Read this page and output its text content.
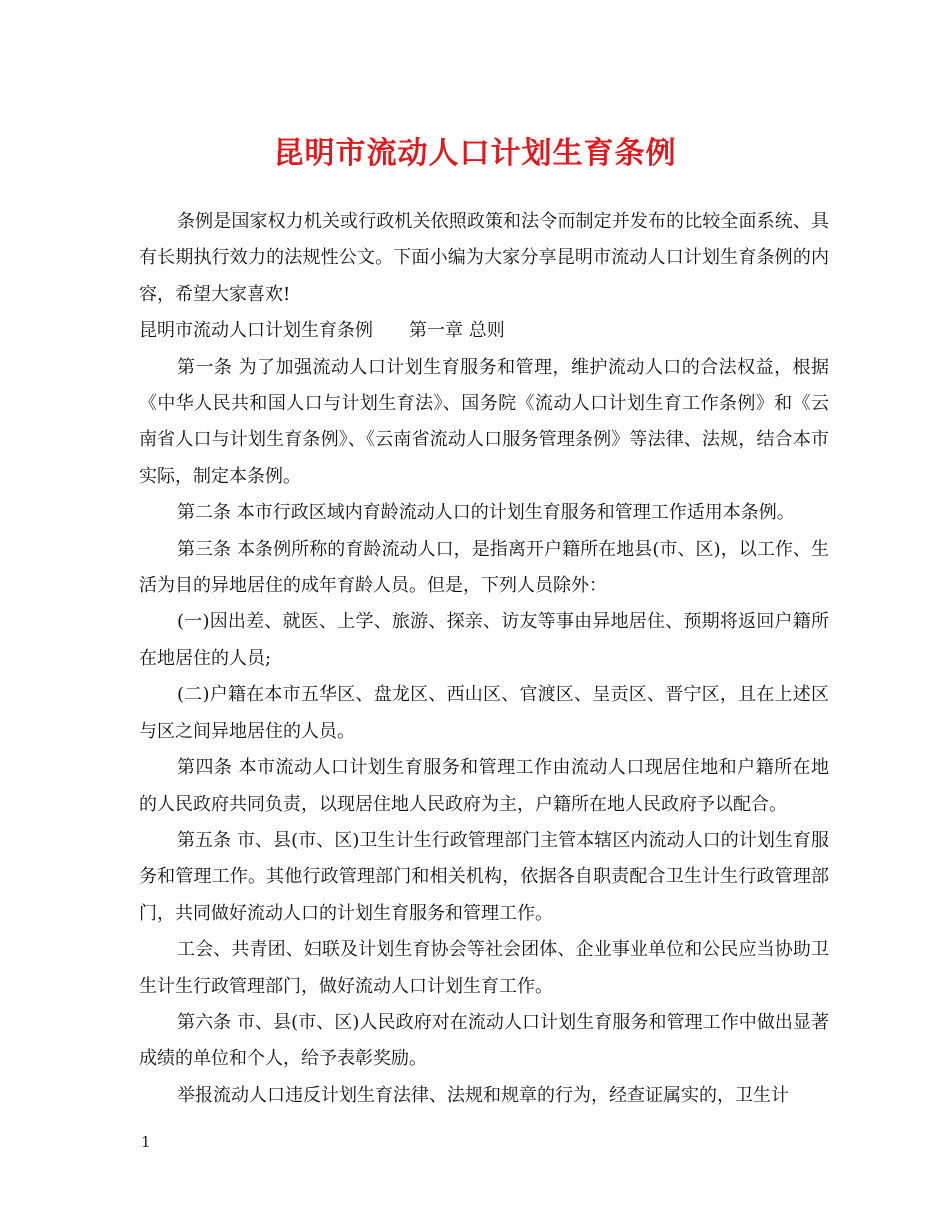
昆明市流动人口计划生育条例

条例是国家权力机关或行政机关依照政策和法令而制定并发布的比较全面系统、具有长期执行效力的法规性公文。下面小编为大家分享昆明市流动人口计划生育条例的内容，希望大家喜欢!

昆明市流动人口计划生育条例 第一章 总则

第一条 为了加强流动人口计划生育服务和管理，维护流动人口的合法权益，根据《中华人民共和国人口与计划生育法》、国务院《流动人口计划生育工作条例》和《云南省人口与计划生育条例》、《云南省流动人口服务管理条例》等法律、法规，结合本市实际，制定本条例。

第二条 本市行政区域内育龄流动人口的计划生育服务和管理工作适用本条例。

第三条 本条例所称的育龄流动人口，是指离开户籍所在地县(市、区)，以工作、生活为目的异地居住的成年育龄人员。但是，下列人员除外：

(一)因出差、就医、上学、旅游、探亲、访友等事由异地居住、预期将返回户籍所在地居住的人员;

(二)户籍在本市五华区、盘龙区、西山区、官渡区、呈贡区、晋宁区，且在上述区与区之间异地居住的人员。

第四条 本市流动人口计划生育服务和管理工作由流动人口现居住地和户籍所在地的人民政府共同负责，以现居住地人民政府为主，户籍所在地人民政府予以配合。

第五条 市、县(市、区)卫生计生行政管理部门主管本辖区内流动人口的计划生育服务和管理工作。其他行政管理部门和相关机构，依据各自职责配合卫生计生行政管理部门，共同做好流动人口的计划生育服务和管理工作。

工会、共青团、妇联及计划生育协会等社会团体、企业事业单位和公民应当协助卫生计生行政管理部门，做好流动人口计划生育工作。

第六条 市、县(市、区)人民政府对在流动人口计划生育服务和管理工作中做出显著成绩的单位和个人，给予表彰奖励。

举报流动人口违反计划生育法律、法规和规章的行为，经查证属实的，卫生计

1
